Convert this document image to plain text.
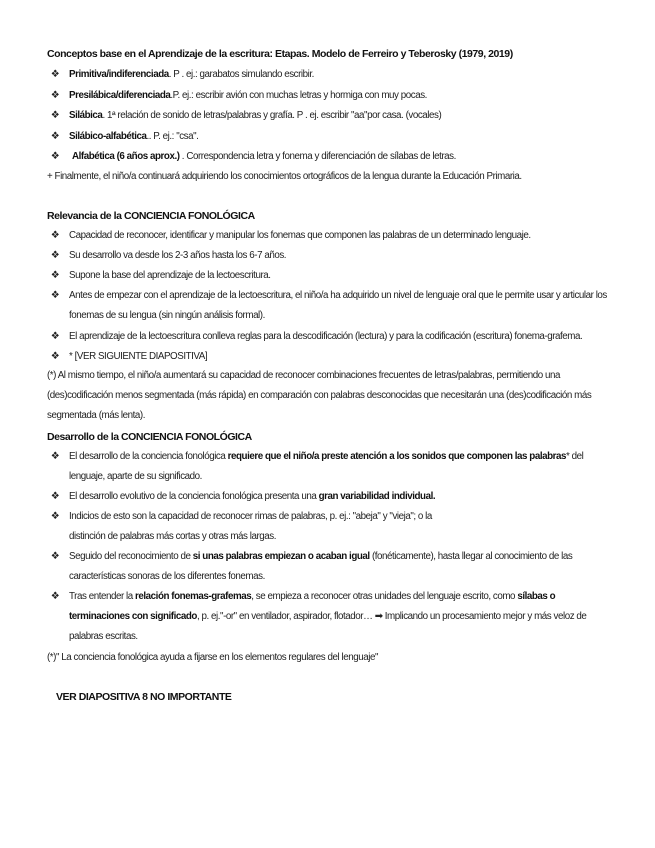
Conceptos base en el Aprendizaje de la escritura: Etapas. Modelo de Ferreiro y Teberosky (1979, 2019)
❖ Primitiva/indiferenciada. P . ej.: garabatos simulando escribir.
❖ Presilábica/diferenciada.P. ej.: escribir avión con muchas letras y hormiga con muy pocas.
❖ Silábica. 1ª relación de sonido de letras/palabras y grafía. P . ej. escribir "aa"por casa. (vocales)
❖ Silábico-alfabética.. P. ej.: "csa".
❖ Alfabética (6 años aprox.) . Correspondencia letra y fonema y diferenciación de sílabas de letras.
+ Finalmente, el niño/a continuará adquiriendo los conocimientos ortográficos de la lengua durante la Educación Primaria.
Relevancia de la CONCIENCIA FONOLÓGICA
❖ Capacidad de reconocer, identificar y manipular los fonemas que componen las palabras de un determinado lenguaje.
❖ Su desarrollo va desde los 2-3 años hasta los 6-7 años.
❖ Supone la base del aprendizaje de la lectoescritura.
❖ Antes de empezar con el aprendizaje de la lectoescritura, el niño/a ha adquirido un nivel de lenguaje oral que le permite usar y articular los fonemas de su lengua (sin ningún análisis formal).
❖ El aprendizaje de la lectoescritura conlleva reglas para la descodificación (lectura) y para la codificación (escritura) fonema-grafema.
❖ * [VER SIGUIENTE DIAPOSITIVA]
(*) Al mismo tiempo, el niño/a aumentará su capacidad de reconocer combinaciones frecuentes de letras/palabras, permitiendo una (des)codificación menos segmentada (más rápida) en comparación con palabras desconocidas que necesitarán una (des)codificación más segmentada (más lenta).
Desarrollo de la CONCIENCIA FONOLÓGICA
❖ El desarrollo de la conciencia fonológica requiere que el niño/a preste atención a los sonidos que componen las palabras* del lenguaje, aparte de su significado.
❖ El desarrollo evolutivo de la conciencia fonológica presenta una gran variabilidad individual.
❖ Indicios de esto son la capacidad de reconocer rimas de palabras, p. ej.: "abeja" y "vieja"; o la
distinción de palabras más cortas y otras más largas.
❖ Seguido del reconocimiento de si unas palabras empiezan o acaban igual (fonéticamente), hasta llegar al conocimiento de las características sonoras de los diferentes fonemas.
❖ Tras entender la relación fonemas-grafemas, se empieza a reconocer otras unidades del lenguaje escrito, como sílabas o terminaciones con significado, p. ej."-or" en ventilador, aspirador, flotador… ➡ Implicando un procesamiento mejor y más veloz de palabras escritas.
(*)" La conciencia fonológica ayuda a fijarse en los elementos regulares del lenguaje"
VER DIAPOSITIVA 8 NO IMPORTANTE
